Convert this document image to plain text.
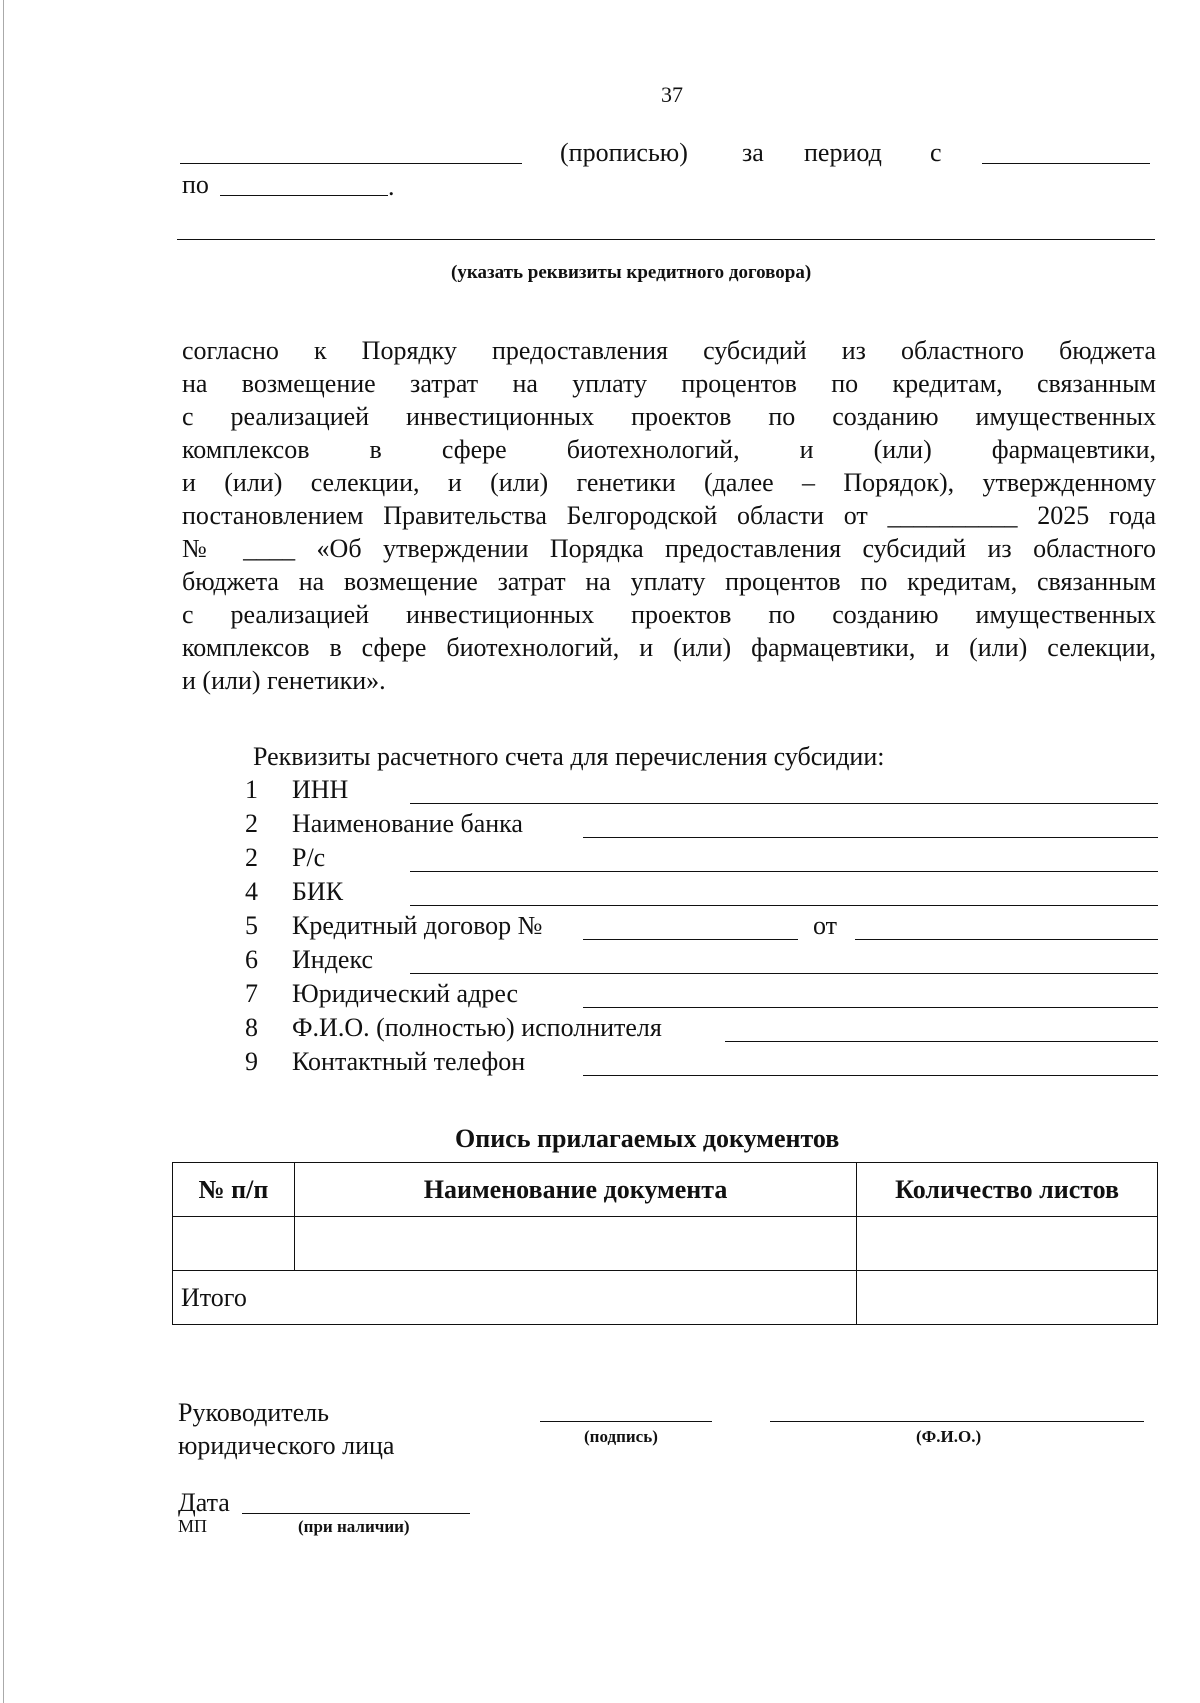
37
(прописью) за период с
по	.
(указать реквизиты кредитного договора)
согласно к Порядку предоставления субсидий из областного бюджета
на возмещение затрат на уплату процентов по кредитам, связанным
с реализацией инвестиционных проектов по созданию имущественных
комплексов в сфере биотехнологий, и (или) фармацевтики,
и (или) селекции, и (или) генетики (далее – Порядок), утвержденному
постановлением Правительства Белгородской области от __________ 2025 года
№ ____ «Об утверждении Порядка предоставления субсидий из областного
бюджета на возмещение затрат на уплату процентов по кредитам, связанным
с реализацией инвестиционных проектов по созданию имущественных
комплексов в сфере биотехнологий, и (или) фармацевтики, и (или) селекции,
и (или) генетики».
Реквизиты расчетного счета для перечисления субсидии:
1	ИНН
2	Наименование банка
2	Р/с
4	БИК
5	Кредитный договор №	от
6	Индекс
7	Юридический адрес
8	Ф.И.О. (полностью) исполнителя
9	Контактный телефон
Опись прилагаемых документов
№ п/п	Наименование документа	Количество листов

Итого		
Руководитель
юридического лица	(подпись)	(Ф.И.О.)
Дата
МП	(при наличии)
